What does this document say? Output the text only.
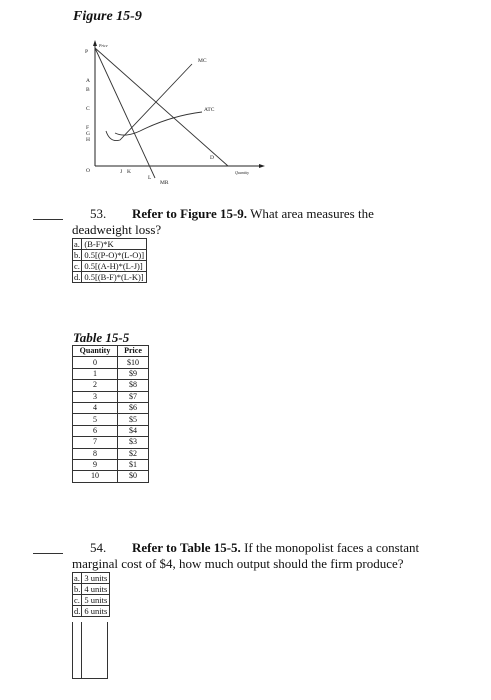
Figure 15-9
Price
Quantity
P
A
B
C
F
G
H
O	J K
L
MC
ATC
D
MR
53. Refer to Figure 15-9. What area measures the
deadweight loss?
a.	(B-F)*K
b.	0.5[(P-O)*(L-O)]
c.	0.5[(A-H)*(L-J)]
d.	0.5[(B-F)*(L-K)]
Table 15-5
Quantity	Price
0	$10
1	$9
2	$8
3	$7
4	$6
5	$5
6	$4
7	$3
8	$2
9	$1
10	$0
54. Refer to Table 15-5. If the monopolist faces a constant
marginal cost of $4, how much output should the firm produce?
a.	3 units
b.	4 units
c.	5 units
d.	6 units
